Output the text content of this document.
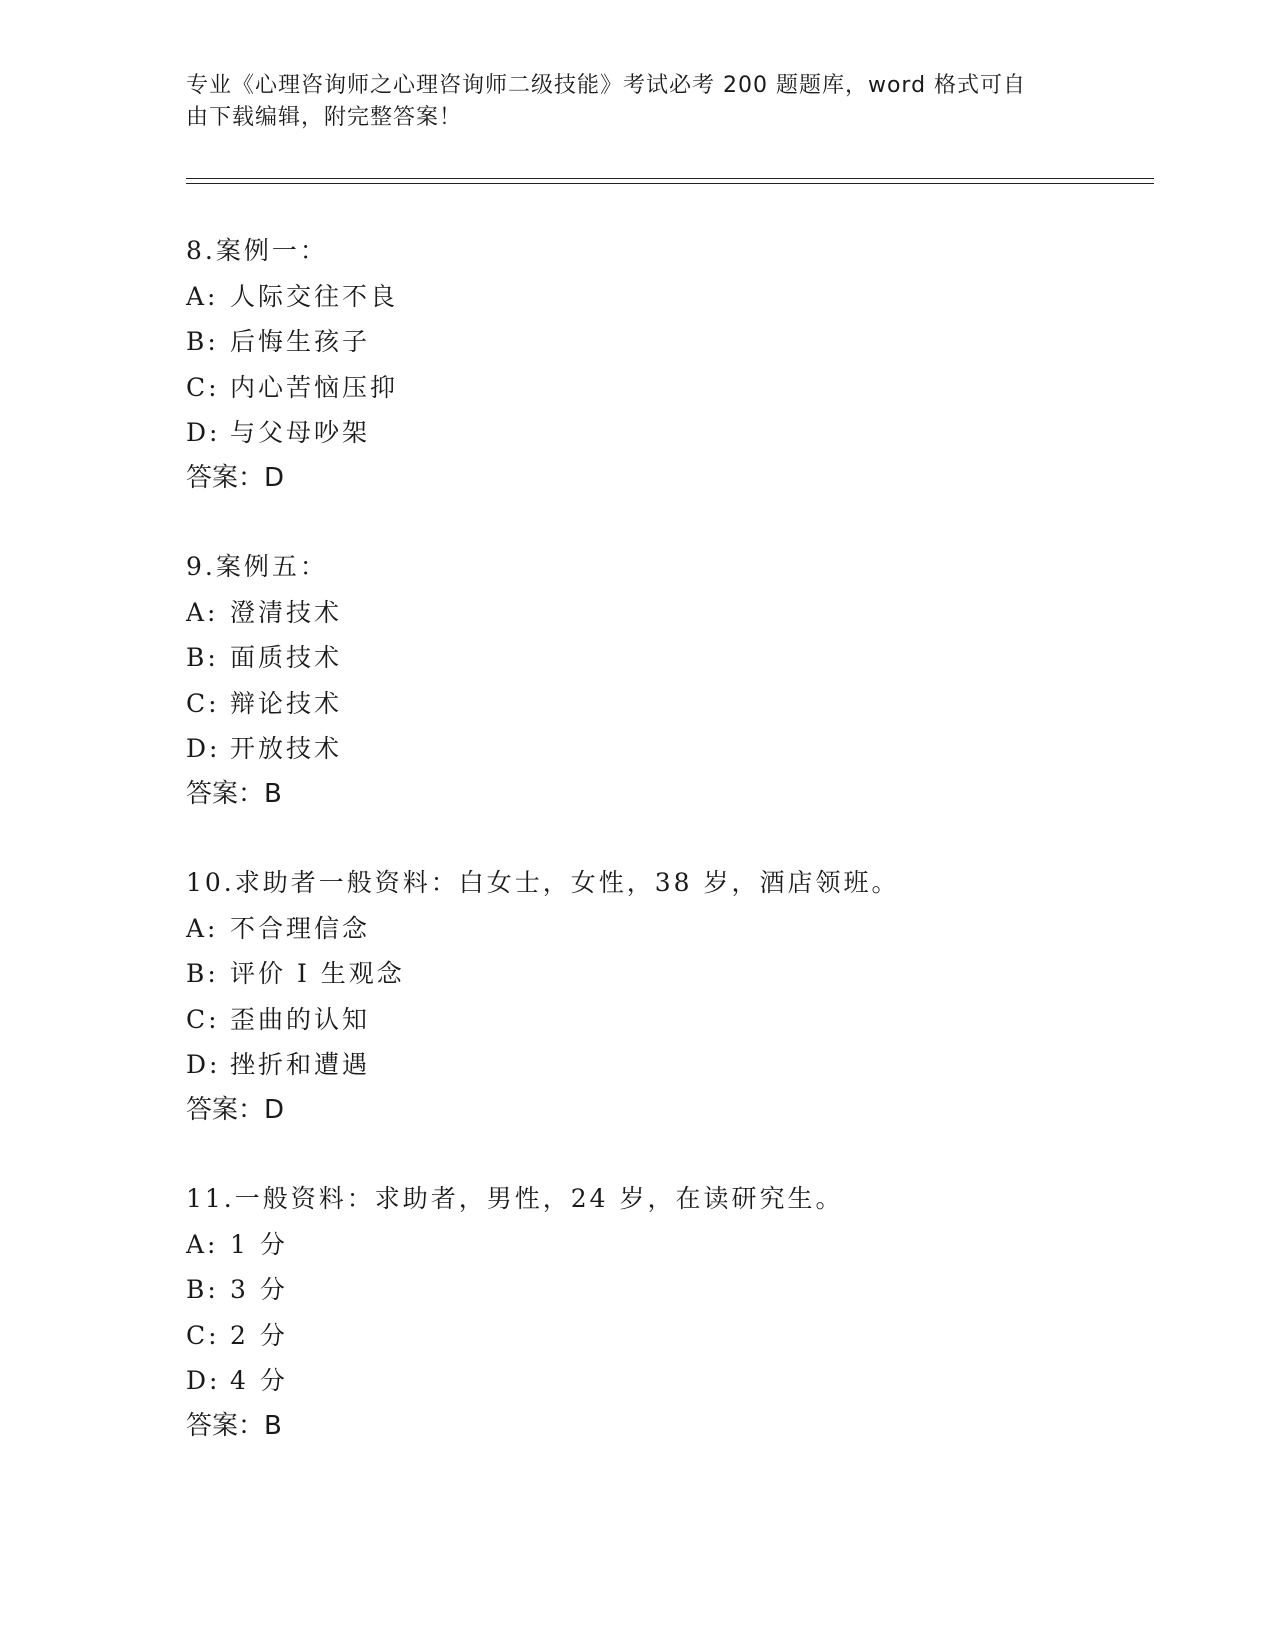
专业《心理咨询师之心理咨询师二级技能》考试必考 200 题题库，word 格式可自
由下载编辑，附完整答案！
8.案例一：
A: 人际交往不良
B: 后悔生孩子
C: 内心苦恼压抑
D: 与父母吵架
答案：D
9.案例五：
A: 澄清技术
B: 面质技术
C: 辩论技术
D: 开放技术
答案：B
10.求助者一般资料：白女士，女性，38 岁，酒店领班。
A: 不合理信念
B: 评价 I 生观念
C: 歪曲的认知
D: 挫折和遭遇
答案：D
11.一般资料：求助者，男性，24 岁，在读研究生。
A: 1 分
B: 3 分
C: 2 分
D: 4 分
答案：B
